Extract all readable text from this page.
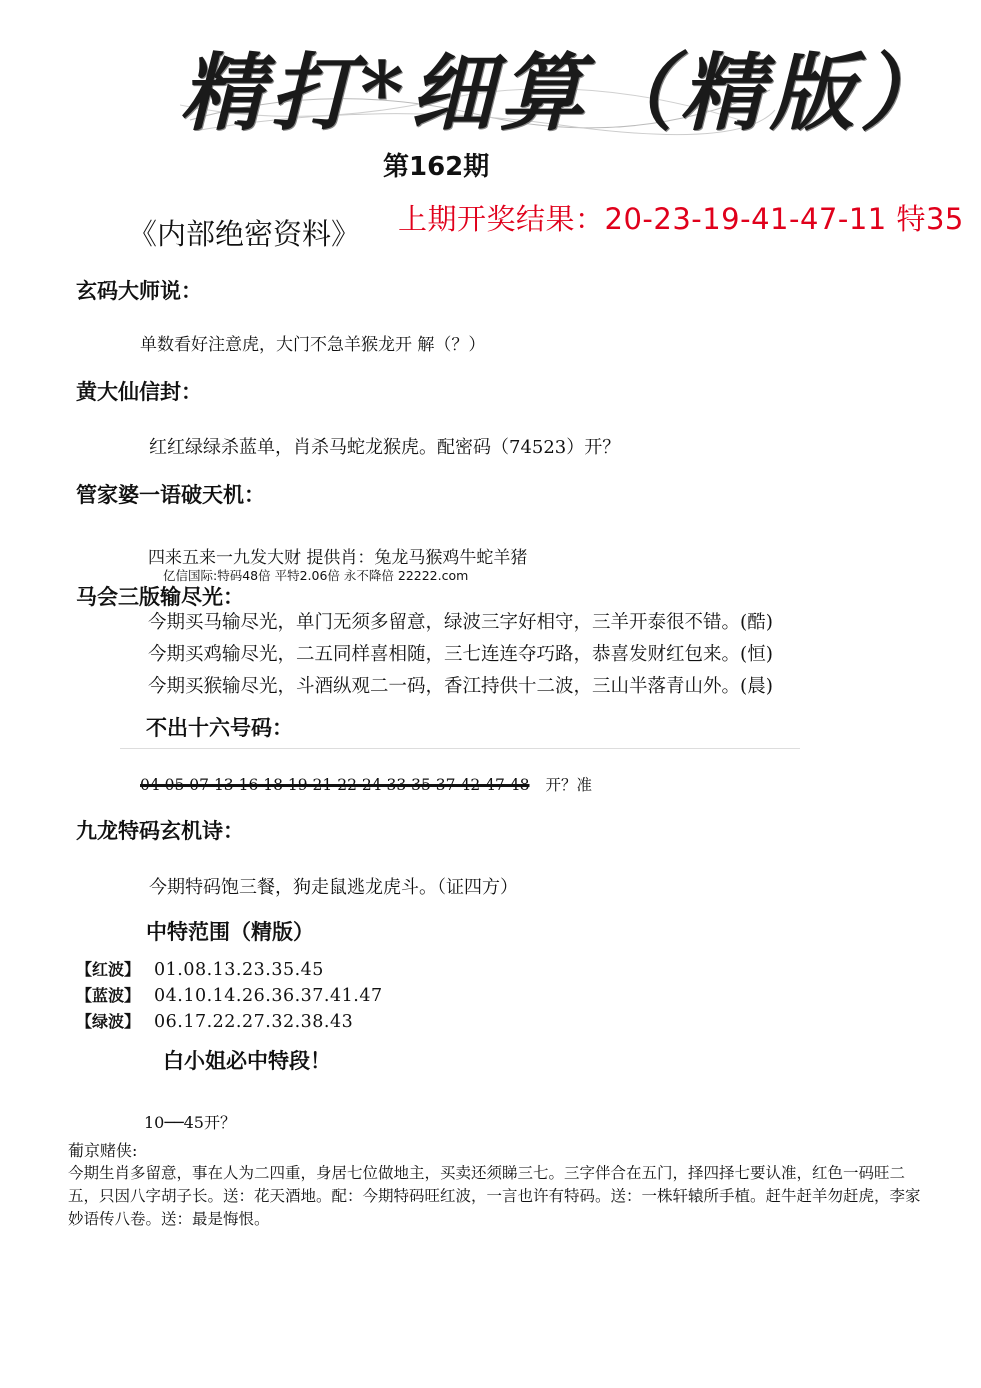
精打*细算（精版）
第162期
上期开奖结果：20-23-19-41-47-11 特35
《内部绝密资料》
玄码大师说：
单数看好注意虎，大门不急羊猴龙开 解（？）
黄大仙信封：
红红绿绿杀蓝单，肖杀马蛇龙猴虎。配密码（74523）开？
管家婆一语破天机：
四来五来一九发大财 提供肖：兔龙马猴鸡牛蛇羊猪
亿信国际:特码48倍 平特2.06倍 永不降倍 22222.com
马会三版输尽光：
今期买马输尽光，单门无须多留意，绿波三字好相守，三羊开泰很不错。(酷)
今期买鸡输尽光，二五同样喜相随，三七连连夺巧路，恭喜发财红包来。(恒)
今期买猴输尽光，斗酒纵观二一码，香江持供十二波，三山半落青山外。(晨)
不出十六号码：
04 05 07 13 16 18 19 21 22 24 33 35 37 42 47 48 开？准
九龙特码玄机诗：
今期特码饱三餐，狗走鼠逃龙虎斗。（证四方）
中特范围（精版）
【红波】 01.08.13.23.35.45
【蓝波】 04.10.14.26.36.37.41.47
【绿波】 06.17.22.27.32.38.43
白小姐必中特段！
10──45开？
葡京赌侠:
今期生肖多留意，事在人为二四重，身居七位做地主，买卖还须睇三七。三字伴合在五门，择四择七要认准，红色一码旺二五，只因八字胡子长。送：花天酒地。配：今期特码旺红波，一言也许有特码。送：一株轩辕所手植。赶牛赶羊勿赶虎，李家妙语传八卷。送：最是悔恨。
